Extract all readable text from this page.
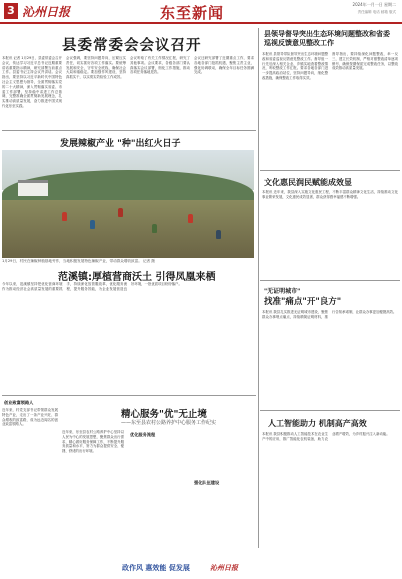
3 沁州日报	东至新闻	2024年一月一日 星期二
责任编辑 电话 邮箱 版式
县委常委会会议召开
本报讯 记者 1月29日，县委常委会召开会议，传达学习习近平总书记近期重要讲话重要指示精神，研究部署当前重点工作。县委书记主持会议并讲话。会议指出，要坚持以习近平新时代中国特色社会主义思想为指导，全面贯彻落实党的二十大精神，深入贯彻落实省委、市委工作部署，坚持稳中求进工作总基调，完整准确全面贯彻新发展理念，扎实推动高质量发展，奋力推进中国式现代化东至实践。
会议强调，要坚持问题导向，压紧压实责任，切实抓好各项工作落实。要统筹发展和安全，守牢安全底线，确保社会大局和谐稳定。要加强作风建设，坚持真抓实干，以实绩实效检验工作成效。
会议听取了有关工作情况汇报，研究了其他事项。会议要求，各级各部门要认真落实会议部署，细化工作措施，推动各项任务落地见效。
会议还研究部署了近期重点工作，要求各地各部门抢抓机遇，聚焦主责主业，强化协调联动，确保全年目标任务圆满完成。
县领导督导突出生态环境问题整改和省委巡视反馈意见整改工作
本报讯 县领导带队督导突出生态环境问题整改和省委巡视反馈意见整改工作。督导组一行先后深入相关企业、乡镇实地查看整改情况，听取整改工作汇报。要求各地各部门进一步提高政治站位，坚持问题导向，细化整改措施，确保整改工作取得实效。
督导指出，要持续深化问题整改，举一反三，建立长效机制，严格对照整改清单逐项销号，确保按期保质完成整改任务，以整改成效推动高质量发展。
发展辣椒产业 "种"出红火日子
1月29日，村民在辣椒种植基地劳作，当地积极发展特色辣椒产业，带动群众增收致富。 记者 摄
文化惠民润民赋能成效显
本报讯 近年来，我县深入实施文化惠民工程，不断丰富群众精神文化生活，持续推动文化事业繁荣发展，文化惠民成效显著，群众获得感幸福感不断增强。
范溪镇:厚植营商沃土 引得凤凰来栖
今年以来，范溪镇坚持把优化营商环境作为推动经济社会高质量发展的重要抓手，持续深化放管服改革，优化服务流程，提升服务效能，为企业发展营造良好环境，一批优质项目纷纷落户。
"无证明城市"
找准"痛点"开"良方"
本报讯 我县扎实推进无证明城市建设，聚焦群众办事堵点痛点，持续精简证明材料，推行告知承诺制，让群众办事更加便捷高效。
创业致富领路人
近年来，村党支部书记带领群众发展特色产业，走出了一条产业兴旺、群众增收的致富路，成为远近闻名的创业致富领路人。
精心服务"优"无止境
——东至县农村公路养护中心服务工作纪实
近年来，东至县农村公路养护中心坚持以人民为中心的发展思想，聚焦群众出行需求，精心做好服务保障工作，不断提升服务质量和水平，努力为群众提供安全、便捷、舒适的出行环境。
优化服务流程
强化队伍建设
人工智能助力 机制高产高效
本报讯 我县积极推动人工智能技术在农业生产中的应用，推广智能化农机装备，助力农业增产增效，为乡村振兴注入新动能。
政作风 惠效能 促发展	沁州日报
